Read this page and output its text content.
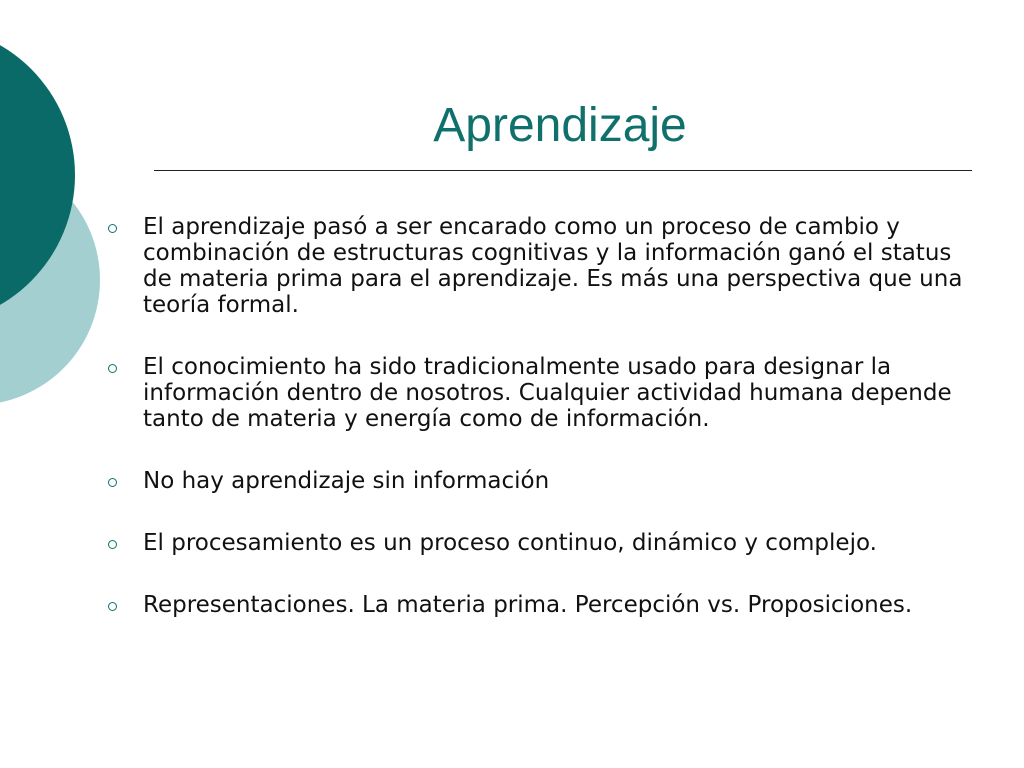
Aprendizaje
El aprendizaje pasó a ser encarado como un proceso de cambio y combinación de estructuras cognitivas y la información ganó el status de materia prima para el aprendizaje. Es más una perspectiva que una teoría formal.
El conocimiento ha sido tradicionalmente usado para designar la información dentro de nosotros. Cualquier actividad humana depende tanto de materia y energía como de información.
No hay aprendizaje sin información
El procesamiento es un proceso continuo, dinámico y complejo.
Representaciones. La materia prima. Percepción vs. Proposiciones.
